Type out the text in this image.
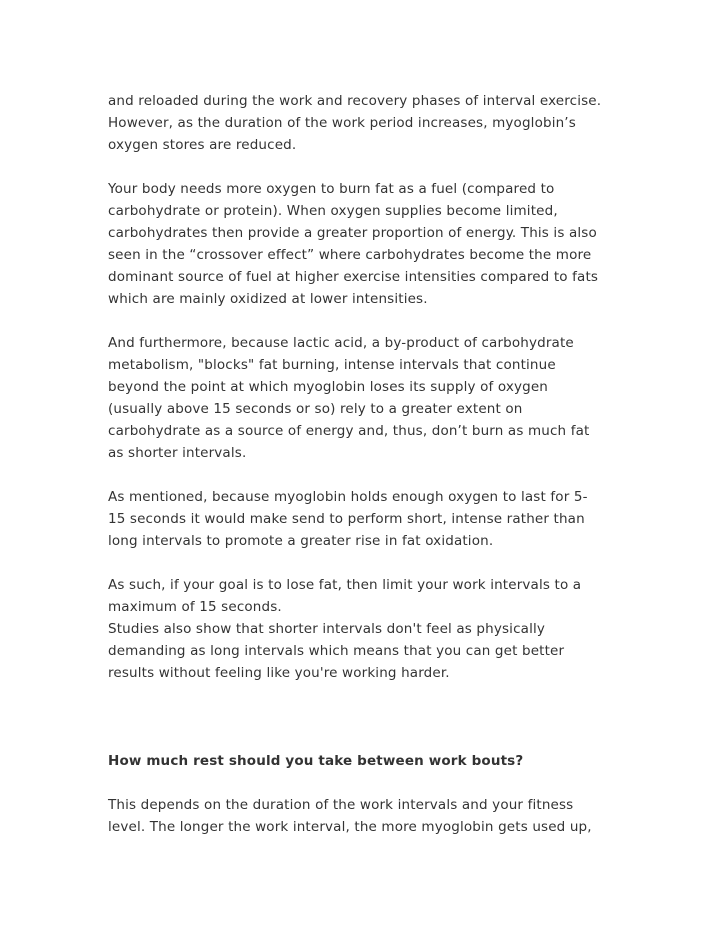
and reloaded during the work and recovery phases of interval exercise.
However, as the duration of the work period increases, myoglobin’s
oxygen stores are reduced.
Your body needs more oxygen to burn fat as a fuel (compared to
carbohydrate or protein). When oxygen supplies become limited,
carbohydrates then provide a greater proportion of energy. This is also
seen in the “crossover effect” where carbohydrates become the more
dominant source of fuel at higher exercise intensities compared to fats
which are mainly oxidized at lower intensities.
And furthermore, because lactic acid, a by-product of carbohydrate
metabolism, "blocks" fat burning, intense intervals that continue
beyond the point at which myoglobin loses its supply of oxygen
(usually above 15 seconds or so) rely to a greater extent on
carbohydrate as a source of energy and, thus, don’t burn as much fat
as shorter intervals.
As mentioned, because myoglobin holds enough oxygen to last for 5-
15 seconds it would make send to perform short, intense rather than
long intervals to promote a greater rise in fat oxidation.
As such, if your goal is to lose fat, then limit your work intervals to a
maximum of 15 seconds.
Studies also show that shorter intervals don't feel as physically
demanding as long intervals which means that you can get better
results without feeling like you're working harder.
How much rest should you take between work bouts?
This depends on the duration of the work intervals and your fitness
level. The longer the work interval, the more myoglobin gets used up,
